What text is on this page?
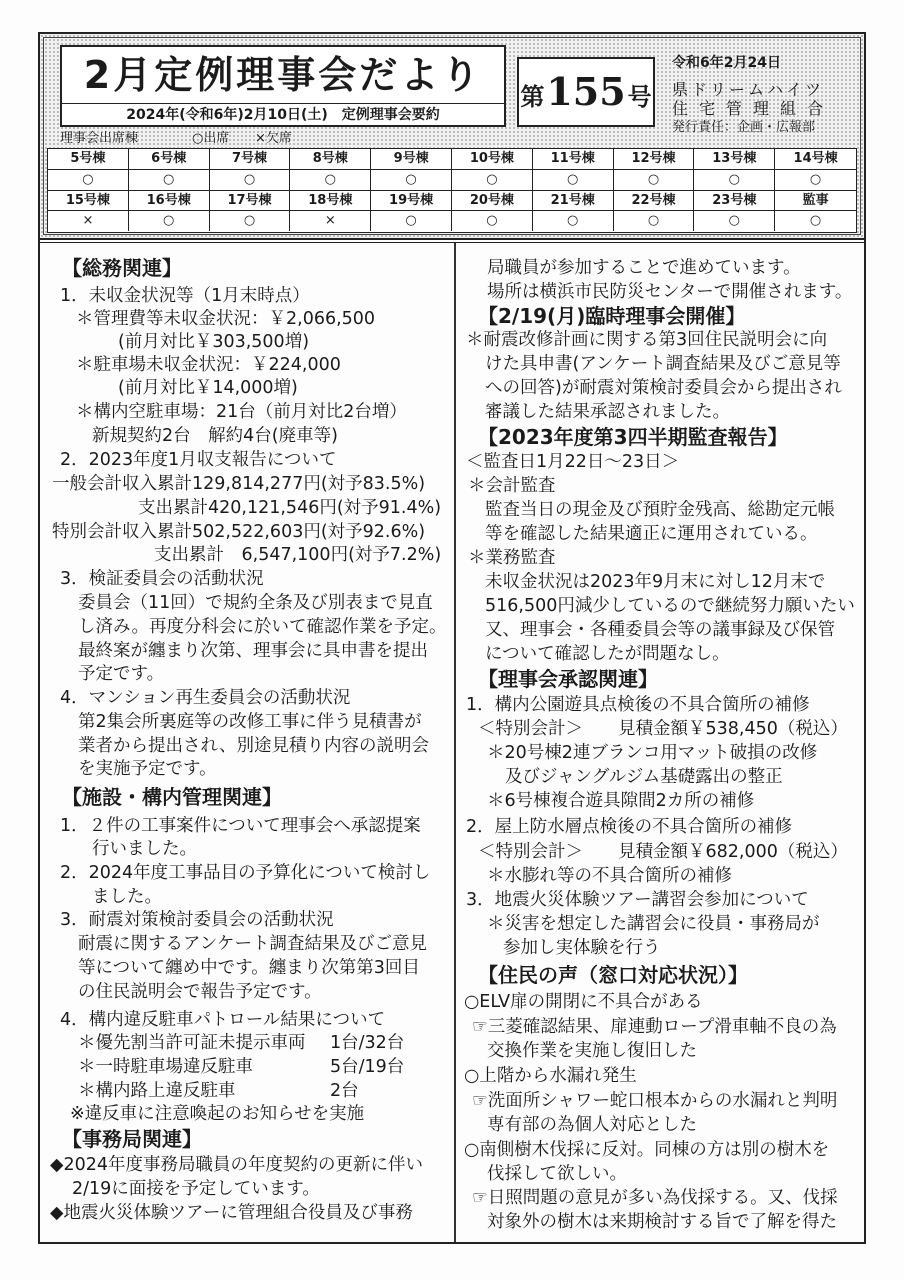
2月定例理事会だより
2024年(令和6年)2月10日(土)　定例理事会要約
第 155 号
令和6年2月24日
県ドリームハイツ
住宅管理組合
発行責任：企画・広報部
理事会出席棟	○出席 ×欠席
5号棟	6号棟	7号棟	8号棟	9号棟	10号棟	11号棟	12号棟	13号棟	14号棟
○	○	○	○	○	○	○	○	○	○
15号棟	16号棟	17号棟	18号棟	19号棟	20号棟	21号棟	22号棟	23号棟	監事
×	○	○	×	○	○	○	○	○	○
【総務関連】
1．未収金状況等（1月末時点）
＊管理費等未収金状況：￥2,066,500
(前月対比￥303,500増)
＊駐車場未収金状況：￥224,000
(前月対比￥14,000増)
＊構内空駐車場：21台（前月対比2台増）
新規契約2台　解約4台(廃車等)
2．2023年度1月収支報告について
一般会計収入累計129,814,277円(対予83.5%)
支出累計420,121,546円(対予91.4%)
特別会計収入累計502,522,603円(対予92.6%)
支出累計　6,547,100円(対予7.2%)
3．検証委員会の活動状況
委員会（11回）で規約全条及び別表まで見直
し済み。再度分科会に於いて確認作業を予定。
最終案が纏まり次第、理事会に具申書を提出
予定です。
4．マンション再生委員会の活動状況
第2集会所裏庭等の改修工事に伴う見積書が
業者から提出され、別途見積り内容の説明会
を実施予定です。
【施設・構内管理関連】
1．２件の工事案件について理事会へ承認提案
行いました。
2．2024年度工事品目の予算化について検討し
ました。
3．耐震対策検討委員会の活動状況
耐震に関するアンケート調査結果及びご意見
等について纏め中です。纏まり次第第3回目
の住民説明会で報告予定です。
4．構内違反駐車パトロール結果について
＊優先割当許可証未提示車両 1台/32台
＊一時駐車場違反駐車	5台/19台
＊構内路上違反駐車	2台
※違反車に注意喚起のお知らせを実施
【事務局関連】
◆2024年度事務局職員の年度契約の更新に伴い
2/19に面接を予定しています。
◆地震火災体験ツアーに管理組合役員及び事務
局職員が参加することで進めています。
場所は横浜市民防災センターで開催されます。
【2/19(月)臨時理事会開催】
＊耐震改修計画に関する第3回住民説明会に向
けた具申書(アンケート調査結果及びご意見等
への回答)が耐震対策検討委員会から提出され
審議した結果承認されました。
【2023年度第3四半期監査報告】
＜監査日1月22日～23日＞
＊会計監査
監査当日の現金及び預貯金残高、総勘定元帳
等を確認した結果適正に運用されている。
＊業務監査
未収金状況は2023年9月末に対し12月末で
516,500円減少しているので継続努力願いたい
又、理事会・各種委員会等の議事録及び保管
について確認したが問題なし。
【理事会承認関連】
1．構内公園遊具点検後の不具合箇所の補修
＜特別会計＞ 見積金額￥538,450（税込）
＊20号棟2連ブランコ用マット破損の改修
及びジャングルジム基礎露出の整正
＊6号棟複合遊具隙間2カ所の補修
2．屋上防水層点検後の不具合箇所の補修
＜特別会計＞ 見積金額￥682,000（税込）
＊水膨れ等の不具合箇所の補修
3．地震火災体験ツアー講習会参加について
＊災害を想定した講習会に役員・事務局が
参加し実体験を行う
【住民の声（窓口対応状況）】
○ELV扉の開閉に不具合がある
☞三菱確認結果、扉連動ロープ滑車軸不良の為
交換作業を実施し復旧した
○上階から水漏れ発生
☞洗面所シャワー蛇口根本からの水漏れと判明
専有部の為個人対応とした
○南側樹木伐採に反対。同棟の方は別の樹木を
伐採して欲しい。
☞日照問題の意見が多い為伐採する。又、伐採
対象外の樹木は来期検討する旨で了解を得た
